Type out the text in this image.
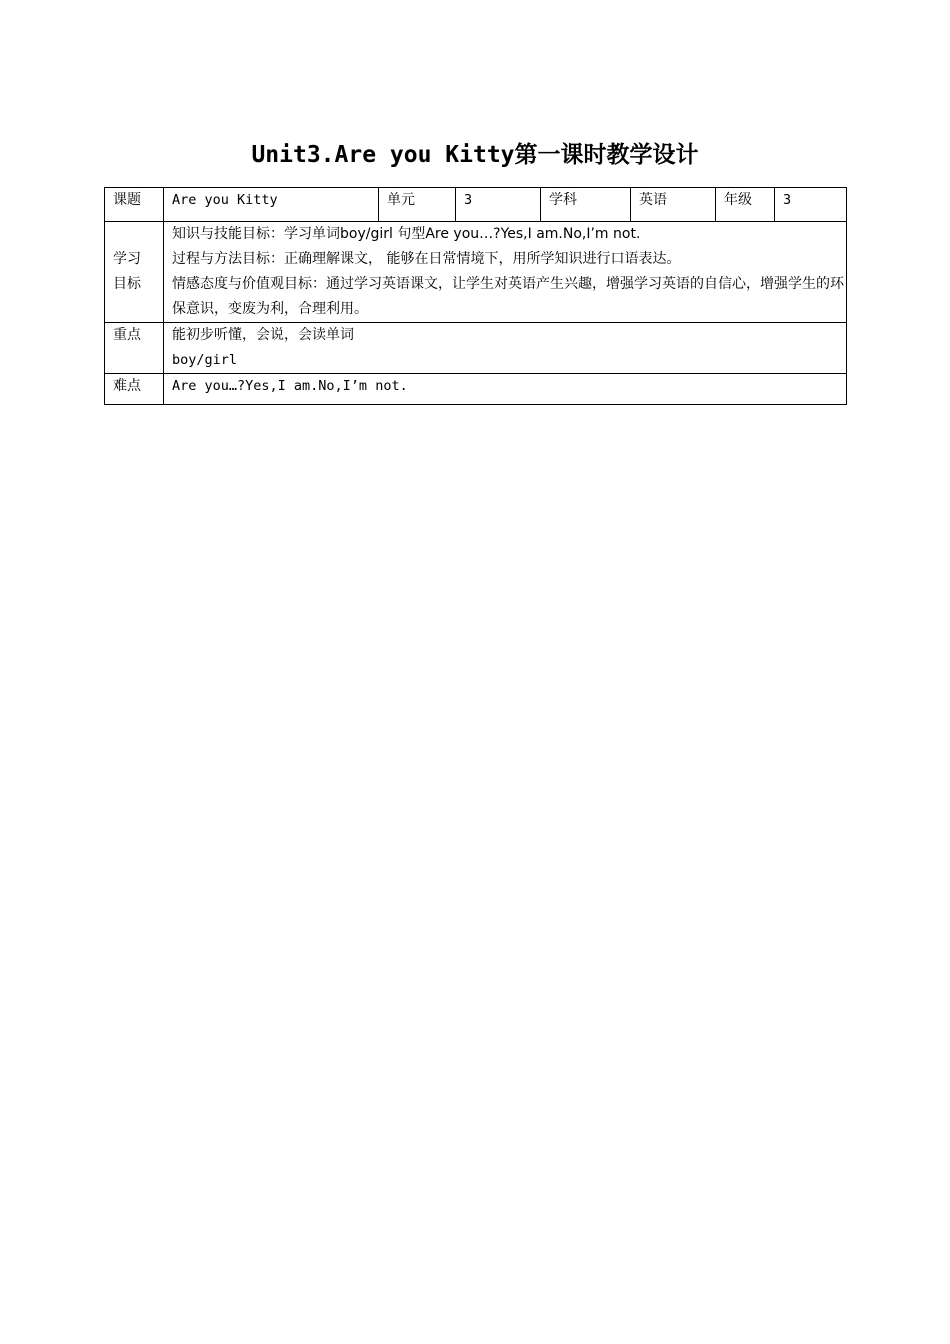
Unit3.Are you Kitty第一课时教学设计
课题	Are you Kitty	单元	3	学科	英语	年级	3

学习
目标	知识与技能目标：学习单词boy/girl 句型Are you…?Yes,I am.No,I’m not.
过程与方法目标：正确理解课文， 能够在日常情境下，用所学知识进行口语表达。
情感态度与价值观目标：通过学习英语课文，让学生对英语产生兴趣，增强学习英语的自信心，增强学生的环保意识，变废为利，合理利用。						

重点	能初步听懂，会说，会读单词
boy/girl						

难点	Are you…?Yes,I am.No,I’m not.						
